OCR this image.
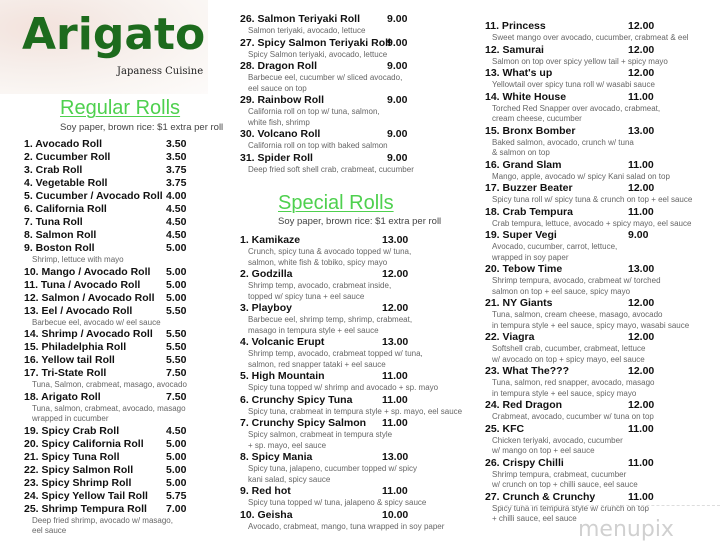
Arigato
Japaness Cuisine
Regular Rolls
Soy paper, brown rice: $1 extra per roll
Special Rolls
Soy paper, brown rice: $1 extra per roll
1. Avocado Roll	3.50
2. Cucumber Roll	3.50
3. Crab Roll	3.75
4. Vegetable Roll	3.75
5. Cucumber / Avocado Roll 4.00
6. California Roll	4.50
7. Tuna Roll	4.50
8. Salmon Roll	4.50
9. Boston Roll	5.00
Shrimp, lettuce with mayo
10. Mango / Avocado Roll 5.00
11. Tuna / Avocado Roll 5.00
12. Salmon / Avocado Roll 5.00
13. Eel / Avocado Roll	5.50
Barbecue eel, avocado w/ eel sauce
14. Shrimp / Avocado Roll 5.50
15. Philadelphia Roll	5.50
16. Yellow tail Roll	5.50
17. Tri-State Roll	7.50
Tuna, Salmon, crabmeat, masago, avocado
18. Arigato Roll	7.50
Tuna, salmon, crabmeat, avocado, masago
wrapped in cucumber
19. Spicy Crab Roll	4.50
20. Spicy California Roll 5.00
21. Spicy Tuna Roll	5.00
22. Spicy Salmon Roll	5.00
23. Spicy Shrimp Roll	5.00
24. Spicy Yellow Tail Roll 5.75
25. Shrimp Tempura Roll 7.00
Deep fried shrimp, avocado w/ masago,
eel sauce
26. Salmon Teriyaki Roll	9.00
Salmon teriyaki, avocado, lettuce
27. Spicy Salmon Teriyaki Roll
9.00
Spicy Salmon teriyaki, avocado, lettuce
28. Dragon Roll	9.00
Barbecue eel, cucumber w/ sliced avocado,
eel sauce on top
29. Rainbow Roll	9.00
California roll on top w/ tuna, salmon,
white fish, shrimp
30. Volcano Roll	9.00
California roll on top with baked salmon
31. Spider Roll	9.00
Deep fried soft shell crab, crabmeat, cucumber
1. Kamikaze	13.00
Crunch, spicy tuna & avocado topped w/ tuna,
salmon, white fish & tobiko, spicy mayo
2. Godzilla	12.00
Shrimp temp, avocado, crabmeat inside,
topped w/ spicy tuna + eel sauce
3. Playboy	12.00
Barbecue eel, shrimp temp, shrimp, crabmeat,
masago in tempura style + eel sauce
4. Volcanic Erupt	13.00
Shrimp temp, avocado, crabmeat topped w/ tuna,
salmon, red snapper tataki + eel sauce
5. High Mountain	11.00
Spicy tuna topped w/ shrimp and avocado + sp. mayo
6. Crunchy Spicy Tuna	11.00
Spicy tuna, crabmeat in tempura style + sp. mayo, eel sauce
7. Crunchy Spicy Salmon 11.00
Spicy salmon, crabmeat in tempura style
+ sp. mayo, eel sauce
8. Spicy Mania	13.00
Spicy tuna, jalapeno, cucumber topped w/ spicy
kani salad, spicy sauce
9. Red hot	11.00
Spicy tuna topped w/ tuna, jalapeno & spicy sauce
10. Geisha	10.00
Avocado, crabmeat, mango, tuna wrapped in soy paper
11. Princess	12.00
Sweet mango over avocado, cucumber, crabmeat & eel
12. Samurai	12.00
Salmon on top over spicy yellow tail + spicy mayo
13. What's up	12.00
Yellowtail over spicy tuna roll w/ wasabi sauce
14. White House	11.00
Torched Red Snapper over avocado, crabmeat,
cream cheese, cucumber
15. Bronx Bomber	13.00
Baked salmon, avocado, crunch w/ tuna
& salmon on top
16. Grand Slam	11.00
Mango, apple, avocado w/ spicy Kani salad on top
17. Buzzer Beater	12.00
Spicy tuna roll w/ spicy tuna & crunch on top + eel sauce
18. Crab Tempura	11.00
Crab tempura, lettuce, avocado + spicy mayo, eel sauce
19. Super Vegi	9.00
Avocado, cucumber, carrot, lettuce,
wrapped in soy paper
20. Tebow Time	13.00
Shrimp tempura, avocado, crabmeat w/ torched
salmon on top + eel sauce, spicy mayo
21. NY Giants	12.00
Tuna, salmon, cream cheese, masago, avocado
in tempura style + eel sauce, spicy mayo, wasabi sauce
22. Viagra	12.00
Softshell crab, cucumber, crabmeat, lettuce
w/ avocado on top + spicy mayo, eel sauce
23. What The???	12.00
Tuna, salmon, red snapper, avocado, masago
in tempura style + eel sauce, spicy mayo
24. Red Dragon	12.00
Crabmeat, avocado, cucumber w/ tuna on top
25. KFC	11.00
Chicken teriyaki, avocado, cucumber
w/ mango on top + eel sauce
26. Crispy Chilli	11.00
Shrimp tempura, crabmeat, cucumber
w/ crunch on top + chilli sauce, eel sauce
27. Crunch & Crunchy	11.00
Spicy tuna in tempura style w/ crunch on top
+ chilli sauce, eel sauce menupix
